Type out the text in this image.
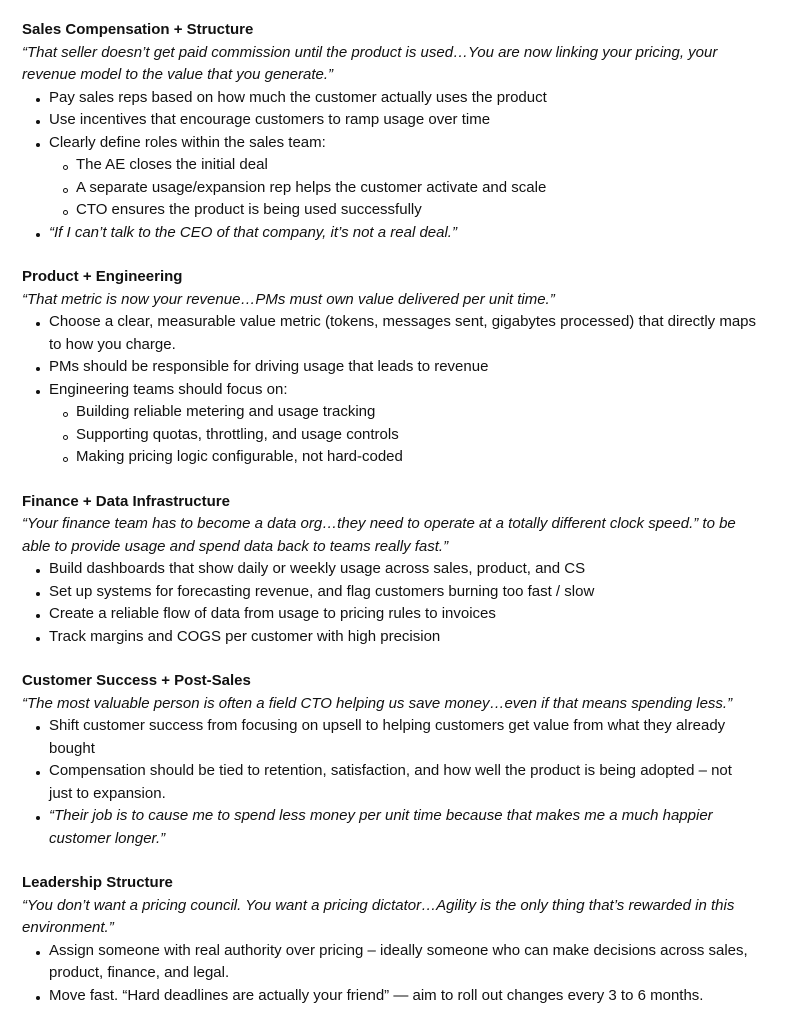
Sales Compensation + Structure

“That seller doesn’t get paid commission until the product is used…You are now linking your pricing, your revenue model to the value that you generate.”

Pay sales reps based on how much the customer actually uses the product
Use incentives that encourage customers to ramp usage over time
Clearly define roles within the sales team:
The AE closes the initial deal
A separate usage/expansion rep helps the customer activate and scale
CTO ensures the product is being used successfully
“If I can’t talk to the CEO of that company, it’s not a real deal.”

Product + Engineering

“That metric is now your revenue…PMs must own value delivered per unit time.”

Choose a clear, measurable value metric (tokens, messages sent, gigabytes processed) that directly maps to how you charge.
PMs should be responsible for driving usage that leads to revenue
Engineering teams should focus on:
Building reliable metering and usage tracking
Supporting quotas, throttling, and usage controls
Making pricing logic configurable, not hard-coded

Finance + Data Infrastructure

“Your finance team has to become a data org…they need to operate at a totally different clock speed.” to be able to provide usage and spend data back to teams really fast.”

Build dashboards that show daily or weekly usage across sales, product, and CS
Set up systems for forecasting revenue, and flag customers burning too fast / slow
Create a reliable flow of data from usage to pricing rules to invoices
Track margins and COGS per customer with high precision

Customer Success + Post-Sales

“The most valuable person is often a field CTO helping us save money…even if that means spending less.”

Shift customer success from focusing on upsell to helping customers get value from what they already bought
Compensation should be tied to retention, satisfaction, and how well the product is being adopted – not just to expansion.
“Their job is to cause me to spend less money per unit time because that makes me a much happier customer longer.”

Leadership Structure

“You don’t want a pricing council. You want a pricing dictator…Agility is the only thing that’s rewarded in this environment.”

Assign someone with real authority over pricing – ideally someone who can make decisions across sales, product, finance, and legal.
Move fast. “Hard deadlines are actually your friend” — aim to roll out changes every 3 to 6 months.
